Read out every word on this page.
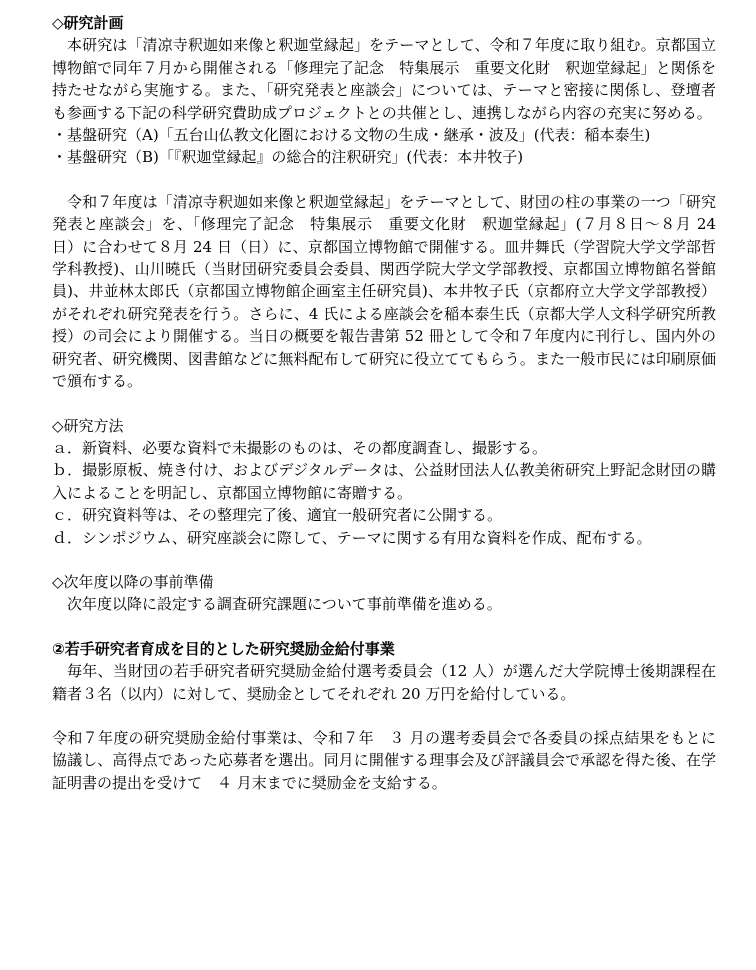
◇研究計画

本研究は「清凉寺釈迦如来像と釈迦堂縁起」をテーマとして、令和７年度に取り組む。京都国立博物館で同年７月から開催される「修理完了記念　特集展示　重要文化財　釈迦堂縁起」と関係を持たせながら実施する。また、「研究発表と座談会」については、テーマと密接に関係し、登壇者も参画する下記の科学研究費助成プロジェクトとの共催とし、連携しながら内容の充実に努める。

・基盤研究（A)「五台山仏教文化圏における文物の生成・継承・波及」(代表：稲本泰生)

・基盤研究（B)「『釈迦堂縁起』の総合的注釈研究」(代表：本井牧子)

令和７年度は「清凉寺釈迦如来像と釈迦堂縁起」をテーマとして、財団の柱の事業の一つ「研究発表と座談会」を、「修理完了記念　特集展示　重要文化財　釈迦堂縁起」(７月８日～８月 24 日）に合わせて８月 24 日（日）に、京都国立博物館で開催する。皿井舞氏（学習院大学文学部哲学科教授)、山川曉氏（当財団研究委員会委員、関西学院大学文学部教授、京都国立博物館名誉館員)、井並林太郎氏（京都国立博物館企画室主任研究員)、本井牧子氏（京都府立大学文学部教授）がそれぞれ研究発表を行う。さらに、4 氏による座談会を稲本泰生氏（京都大学人文科学研究所教授）の司会により開催する。当日の概要を報告書第 52 冊として令和７年度内に刊行し、国内外の研究者、研究機関、図書館などに無料配布して研究に役立ててもらう。また一般市民には印刷原価で頒布する。

◇研究方法

ａ．新資料、必要な資料で未撮影のものは、その都度調査し、撮影する。

ｂ．撮影原板、焼き付け、およびデジタルデータは、公益財団法人仏教美術研究上野記念財団の購入によることを明記し、京都国立博物館に寄贈する。

ｃ．研究資料等は、その整理完了後、適宜一般研究者に公開する。

ｄ．シンポジウム、研究座談会に際して、テーマに関する有用な資料を作成、配布する。

◇次年度以降の事前準備

次年度以降に設定する調査研究課題について事前準備を進める。

②若手研究者育成を目的とした研究奨励金給付事業

毎年、当財団の若手研究者研究奨励金給付選考委員会（12 人）が選んだ大学院博士後期課程在籍者３名（以内）に対して、奨励金としてそれぞれ 20 万円を給付している。

令和７年度の研究奨励金給付事業は、令和７年　３ 月の選考委員会で各委員の採点結果をもとに協議し、高得点であった応募者を選出。同月に開催する理事会及び評議員会で承認を得た後、在学証明書の提出を受けて　４ 月末までに奨励金を支給する。
